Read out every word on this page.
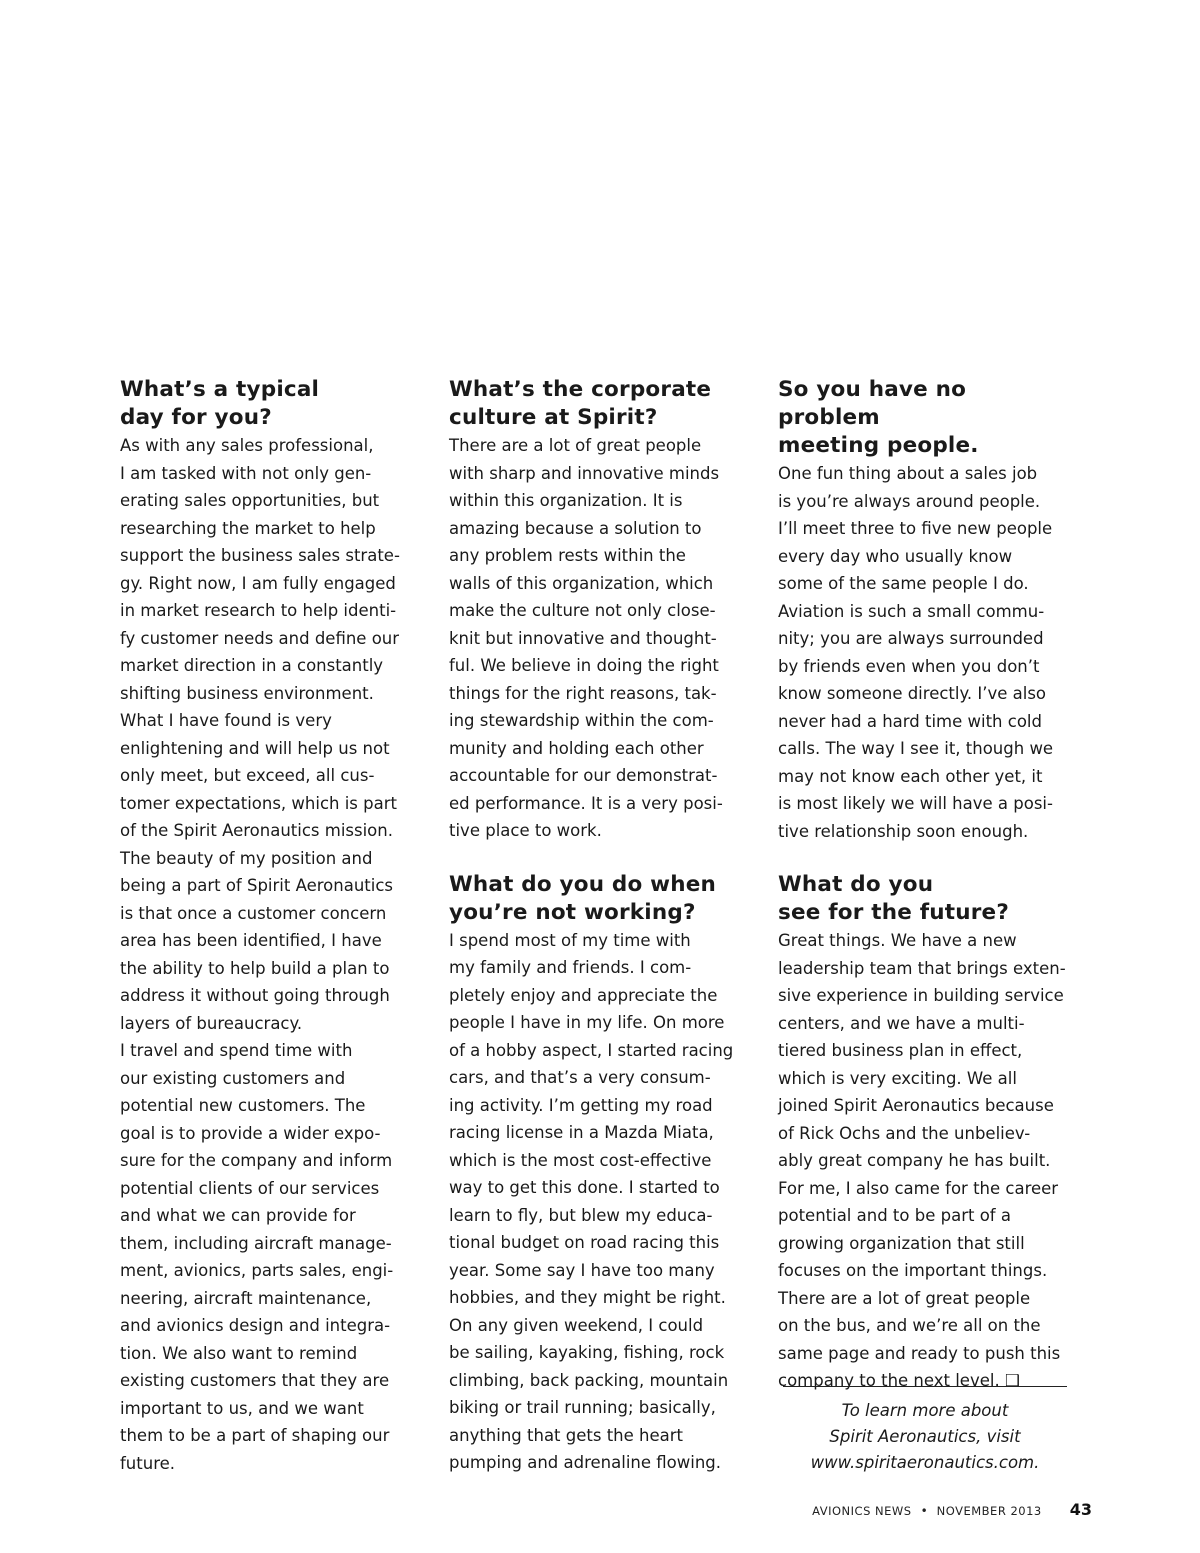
What’s a typical
day for you?

As with any sales professional,
I am tasked with not only gen-
erating sales opportunities, but
researching the market to help
support the business sales strate-
gy. Right now, I am fully engaged
in market research to help identi-
fy customer needs and define our
market direction in a constantly
shifting business environment.

What I have found is very
enlightening and will help us not
only meet, but exceed, all cus-
tomer expectations, which is part
of the Spirit Aeronautics mission.
The beauty of my position and
being a part of Spirit Aeronautics
is that once a customer concern
area has been identified, I have
the ability to help build a plan to
address it without going through
layers of bureaucracy.

I travel and spend time with
our existing customers and
potential new customers. The
goal is to provide a wider expo-
sure for the company and inform
potential clients of our services
and what we can provide for
them, including aircraft manage-
ment, avionics, parts sales, engi-
neering, aircraft maintenance,
and avionics design and integra-
tion. We also want to remind
existing customers that they are
important to us, and we want
them to be a part of shaping our
future.

What’s the corporate
culture at Spirit?

There are a lot of great people
with sharp and innovative minds
within this organization. It is
amazing because a solution to
any problem rests within the
walls of this organization, which
make the culture not only close-
knit but innovative and thought-
ful. We believe in doing the right
things for the right reasons, tak-
ing stewardship within the com-
munity and holding each other
accountable for our demonstrat-
ed performance. It is a very posi-
tive place to work.

What do you do when
you’re not working?

I spend most of my time with
my family and friends. I com-
pletely enjoy and appreciate the
people I have in my life. On more
of a hobby aspect, I started racing
cars, and that’s a very consum-
ing activity. I’m getting my road
racing license in a Mazda Miata,
which is the most cost-effective
way to get this done. I started to
learn to fly, but blew my educa-
tional budget on road racing this
year. Some say I have too many
hobbies, and they might be right.
On any given weekend, I could
be sailing, kayaking, fishing, rock
climbing, back packing, mountain
biking or trail running; basically,
anything that gets the heart
pumping and adrenaline flowing.

So you have no problem
meeting people.

One fun thing about a sales job
is you’re always around people.
I’ll meet three to five new people
every day who usually know
some of the same people I do.
Aviation is such a small commu-
nity; you are always surrounded
by friends even when you don’t
know someone directly. I’ve also
never had a hard time with cold
calls. The way I see it, though we
may not know each other yet, it
is most likely we will have a posi-
tive relationship soon enough.

What do you
see for the future?

Great things. We have a new
leadership team that brings exten-
sive experience in building service
centers, and we have a multi-
tiered business plan in effect,
which is very exciting. We all
joined Spirit Aeronautics because
of Rick Ochs and the unbeliev-
ably great company he has built.
For me, I also came for the career
potential and to be part of a
growing organization that still
focuses on the important things.
There are a lot of great people
on the bus, and we’re all on the
same page and ready to push this
company to the next level. ❑

To learn more about
Spirit Aeronautics, visit
www.spiritaeronautics.com.
AVIONICS NEWS • NOVEMBER 2013 43
